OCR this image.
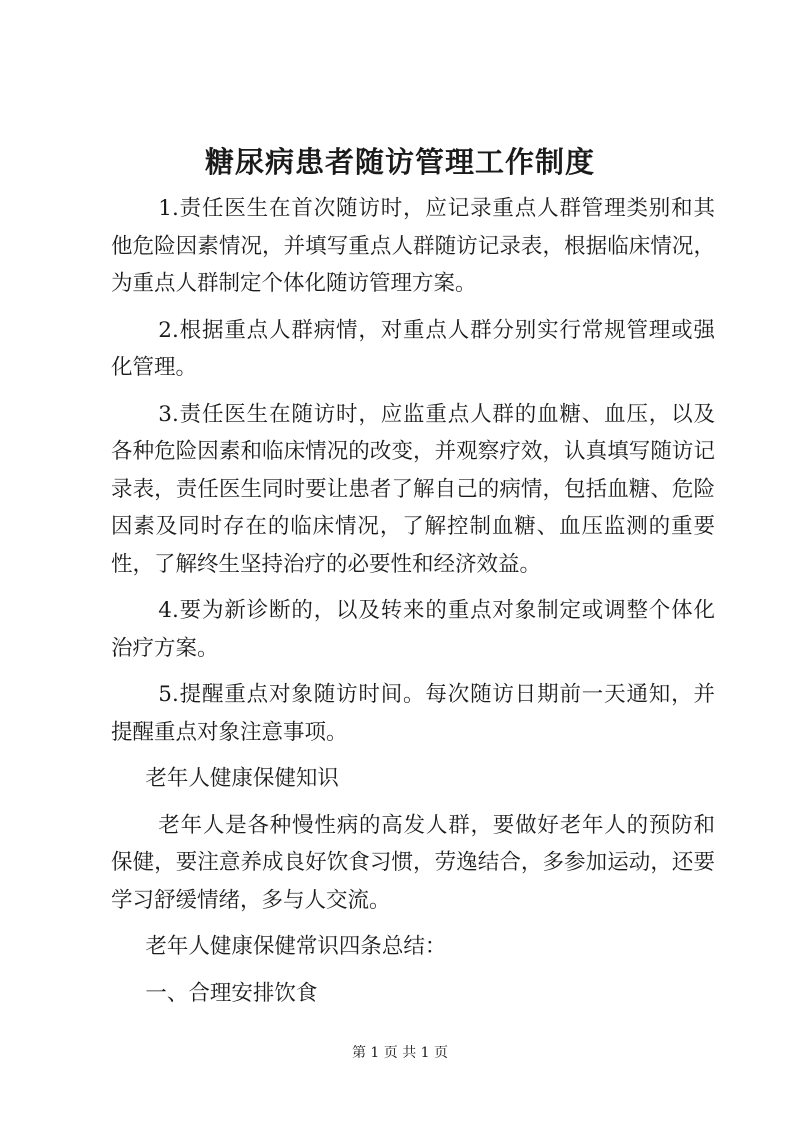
糖尿病患者随访管理工作制度

1.责任医生在首次随访时，应记录重点人群管理类别和其他危险因素情况，并填写重点人群随访记录表，根据临床情况，为重点人群制定个体化随访管理方案。

2.根据重点人群病情，对重点人群分别实行常规管理或强化管理。

3.责任医生在随访时，应监重点人群的血糖、血压，以及各种危险因素和临床情况的改变，并观察疗效，认真填写随访记录表，责任医生同时要让患者了解自己的病情，包括血糖、危险因素及同时存在的临床情况，了解控制血糖、血压监测的重要性，了解终生坚持治疗的必要性和经济效益。

4.要为新诊断的，以及转来的重点对象制定或调整个体化治疗方案。

5.提醒重点对象随访时间。每次随访日期前一天通知，并提醒重点对象注意事项。

老年人健康保健知识

老年人是各种慢性病的高发人群，要做好老年人的预防和保健，要注意养成良好饮食习惯，劳逸结合，多参加运动，还要学习舒缓情绪，多与人交流。

老年人健康保健常识四条总结：

一、合理安排饮食

第 1 页 共 1 页
